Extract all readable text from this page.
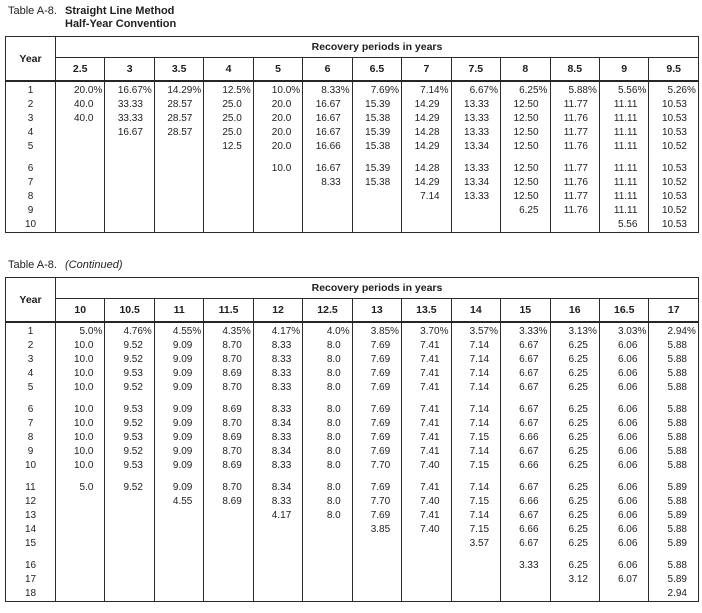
Table A-8. Straight Line Method
Half-Year Convention
Year	Recovery periods in years												
	2.5	3	3.5	4	5	6	6.5	7	7.5	8	8.5	9	9.5
1	20.0%	16.67%	14.29%	12.5%	10.0%	8.33%	7.69%	7.14%	6.67%	6.25%	5.88%	5.56%	5.26%
2	40.0	33.33	28.57	25.0	20.0	16.67	15.39	14.29	13.33	12.50	11.77	11.11	10.53
3	40.0	33.33	28.57	25.0	20.0	16.67	15.38	14.29	13.33	12.50	11.76	11.11	10.53
4		16.67	28.57	25.0	20.0	16.67	15.39	14.28	13.33	12.50	11.77	11.11	10.53
5				12.5	20.0	16.66	15.38	14.29	13.34	12.50	11.76	11.11	10.52

6					10.0	16.67	15.39	14.28	13.33	12.50	11.77	11.11	10.53
7						8.33	15.38	14.29	13.34	12.50	11.76	11.11	10.52
8								7.14	13.33	12.50	11.77	11.11	10.53
9										6.25	11.76	11.11	10.52
10												5.56	10.53
Table A-8. (Continued)
Year	Recovery periods in years												
	10	10.5	11	11.5	12	12.5	13	13.5	14	15	16	16.5	17
1	5.0%	4.76%	4.55%	4.35%	4.17%	4.0%	3.85%	3.70%	3.57%	3.33%	3.13%	3.03%	2.94%
2	10.0	9.52	9.09	8.70	8.33	8.0	7.69	7.41	7.14	6.67	6.25	6.06	5.88
3	10.0	9.52	9.09	8.70	8.33	8.0	7.69	7.41	7.14	6.67	6.25	6.06	5.88
4	10.0	9.53	9.09	8.69	8.33	8.0	7.69	7.41	7.14	6.67	6.25	6.06	5.88
5	10.0	9.52	9.09	8.70	8.33	8.0	7.69	7.41	7.14	6.67	6.25	6.06	5.88

6	10.0	9.53	9.09	8.69	8.33	8.0	7.69	7.41	7.14	6.67	6.25	6.06	5.88
7	10.0	9.52	9.09	8.70	8.34	8.0	7.69	7.41	7.14	6.67	6.25	6.06	5.88
8	10.0	9.53	9.09	8.69	8.33	8.0	7.69	7.41	7.15	6.66	6.25	6.06	5.88
9	10.0	9.52	9.09	8.70	8.34	8.0	7.69	7.41	7.14	6.67	6.25	6.06	5.88
10	10.0	9.53	9.09	8.69	8.33	8.0	7.70	7.40	7.15	6.66	6.25	6.06	5.88

11	5.0	9.52	9.09	8.70	8.34	8.0	7.69	7.41	7.14	6.67	6.25	6.06	5.89
12			4.55	8.69	8.33	8.0	7.70	7.40	7.15	6.66	6.25	6.06	5.88
13					4.17	8.0	7.69	7.41	7.14	6.67	6.25	6.06	5.89
14							3.85	7.40	7.15	6.66	6.25	6.06	5.88
15									3.57	6.67	6.25	6.06	5.89

16										3.33	6.25	6.06	5.88
17											3.12	6.07	5.89
18													2.94
